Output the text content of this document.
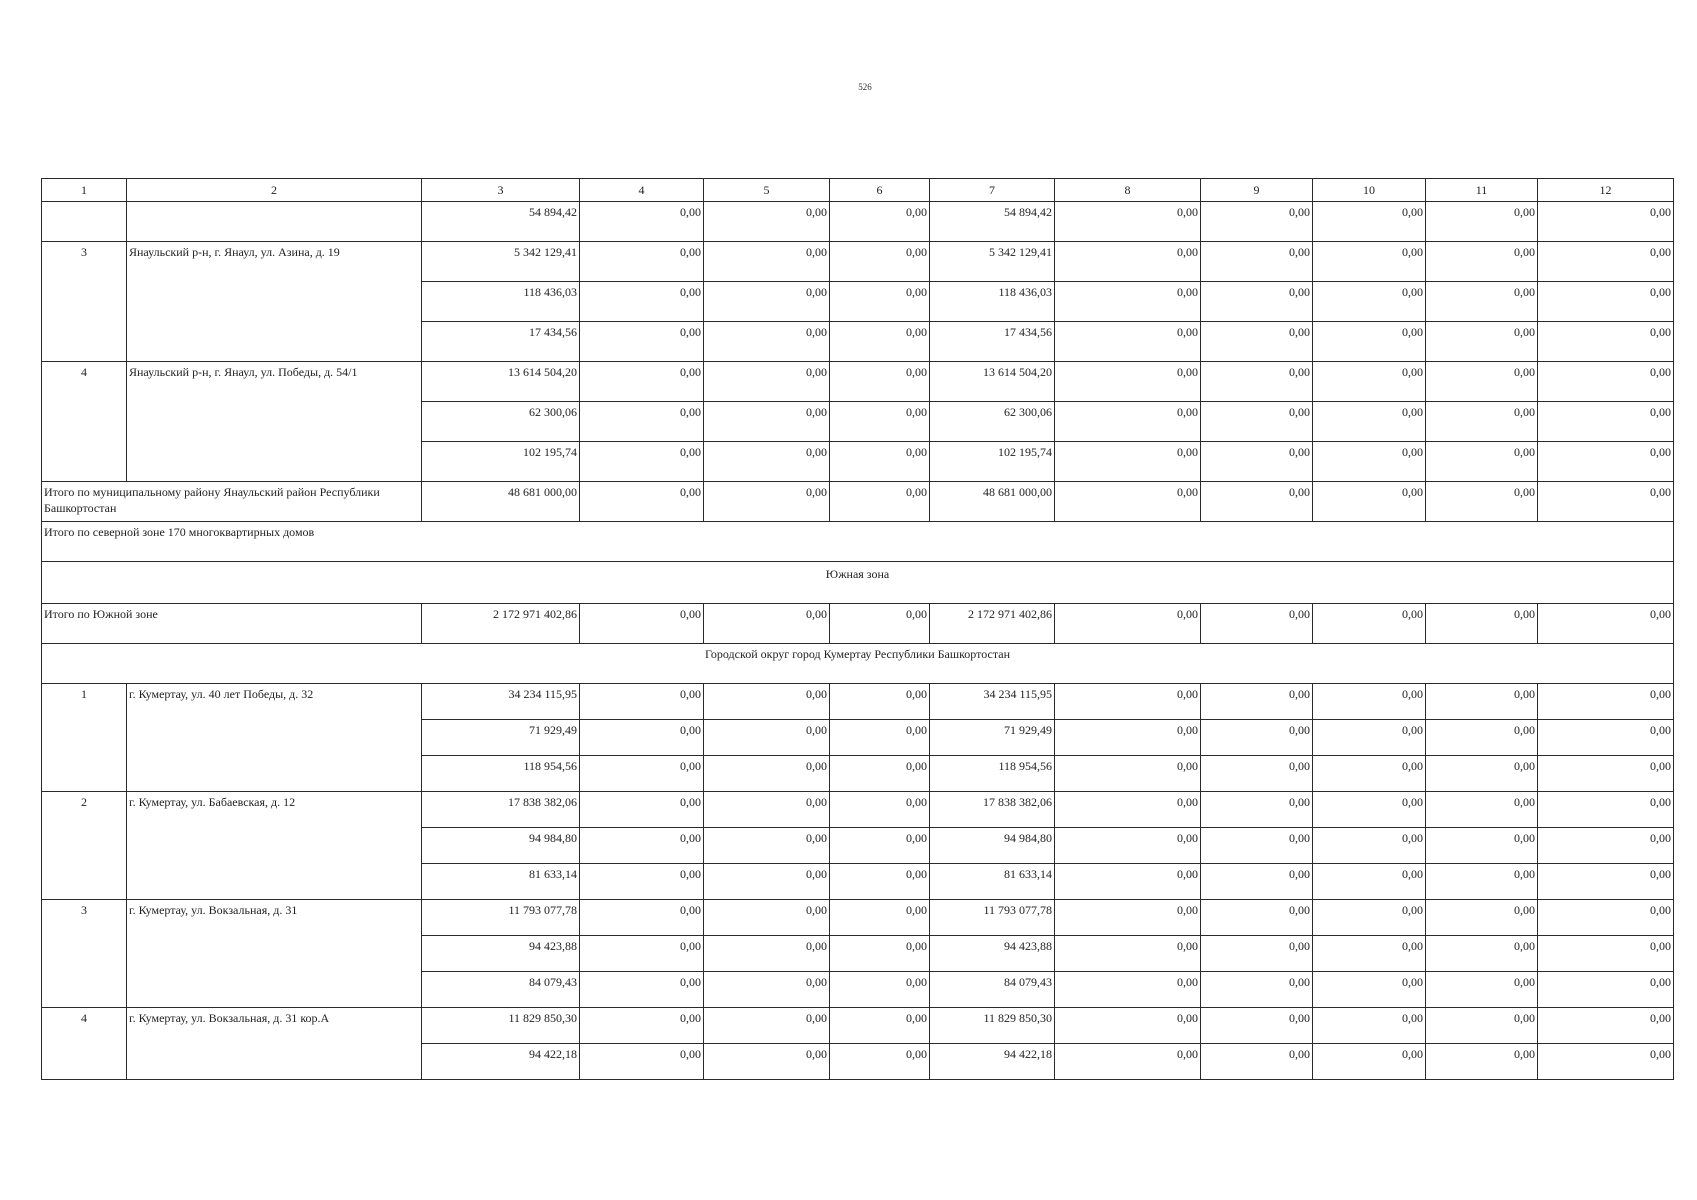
526
1	2	3	4	5	6	7	8	9	10	11	12
		54 894,42	0,00	0,00	0,00	54 894,42	0,00	0,00	0,00	0,00	0,00
3	Янаульский р-н, г. Янаул, ул. Азина, д. 19	5 342 129,41	0,00	0,00	0,00	5 342 129,41	0,00	0,00	0,00	0,00	0,00
		118 436,03	0,00	0,00	0,00	118 436,03	0,00	0,00	0,00	0,00	0,00
		17 434,56	0,00	0,00	0,00	17 434,56	0,00	0,00	0,00	0,00	0,00
4	Янаульский р-н, г. Янаул, ул. Победы, д. 54/1	13 614 504,20	0,00	0,00	0,00	13 614 504,20	0,00	0,00	0,00	0,00	0,00
		62 300,06	0,00	0,00	0,00	62 300,06	0,00	0,00	0,00	0,00	0,00
		102 195,74	0,00	0,00	0,00	102 195,74	0,00	0,00	0,00	0,00	0,00
Итого по муниципальному району Янаульский район Республики Башкортостан		48 681 000,00	0,00	0,00	0,00	48 681 000,00	0,00	0,00	0,00	0,00	0,00
Итого по северной зоне 170 многоквартирных домов											
Южная зона											
Итого по Южной зоне		2 172 971 402,86	0,00	0,00	0,00	2 172 971 402,86	0,00	0,00	0,00	0,00	0,00
Городской округ город Кумертау Республики Башкортостан											
1	г. Кумертау, ул. 40 лет Победы, д. 32	34 234 115,95	0,00	0,00	0,00	34 234 115,95	0,00	0,00	0,00	0,00	0,00
		71 929,49	0,00	0,00	0,00	71 929,49	0,00	0,00	0,00	0,00	0,00
		118 954,56	0,00	0,00	0,00	118 954,56	0,00	0,00	0,00	0,00	0,00
2	г. Кумертау, ул. Бабаевская, д. 12	17 838 382,06	0,00	0,00	0,00	17 838 382,06	0,00	0,00	0,00	0,00	0,00
		94 984,80	0,00	0,00	0,00	94 984,80	0,00	0,00	0,00	0,00	0,00
		81 633,14	0,00	0,00	0,00	81 633,14	0,00	0,00	0,00	0,00	0,00
3	г. Кумертау, ул. Вокзальная, д. 31	11 793 077,78	0,00	0,00	0,00	11 793 077,78	0,00	0,00	0,00	0,00	0,00
		94 423,88	0,00	0,00	0,00	94 423,88	0,00	0,00	0,00	0,00	0,00
		84 079,43	0,00	0,00	0,00	84 079,43	0,00	0,00	0,00	0,00	0,00
4	г. Кумертау, ул. Вокзальная, д. 31 кор.А	11 829 850,30	0,00	0,00	0,00	11 829 850,30	0,00	0,00	0,00	0,00	0,00
		94 422,18	0,00	0,00	0,00	94 422,18	0,00	0,00	0,00	0,00	0,00
